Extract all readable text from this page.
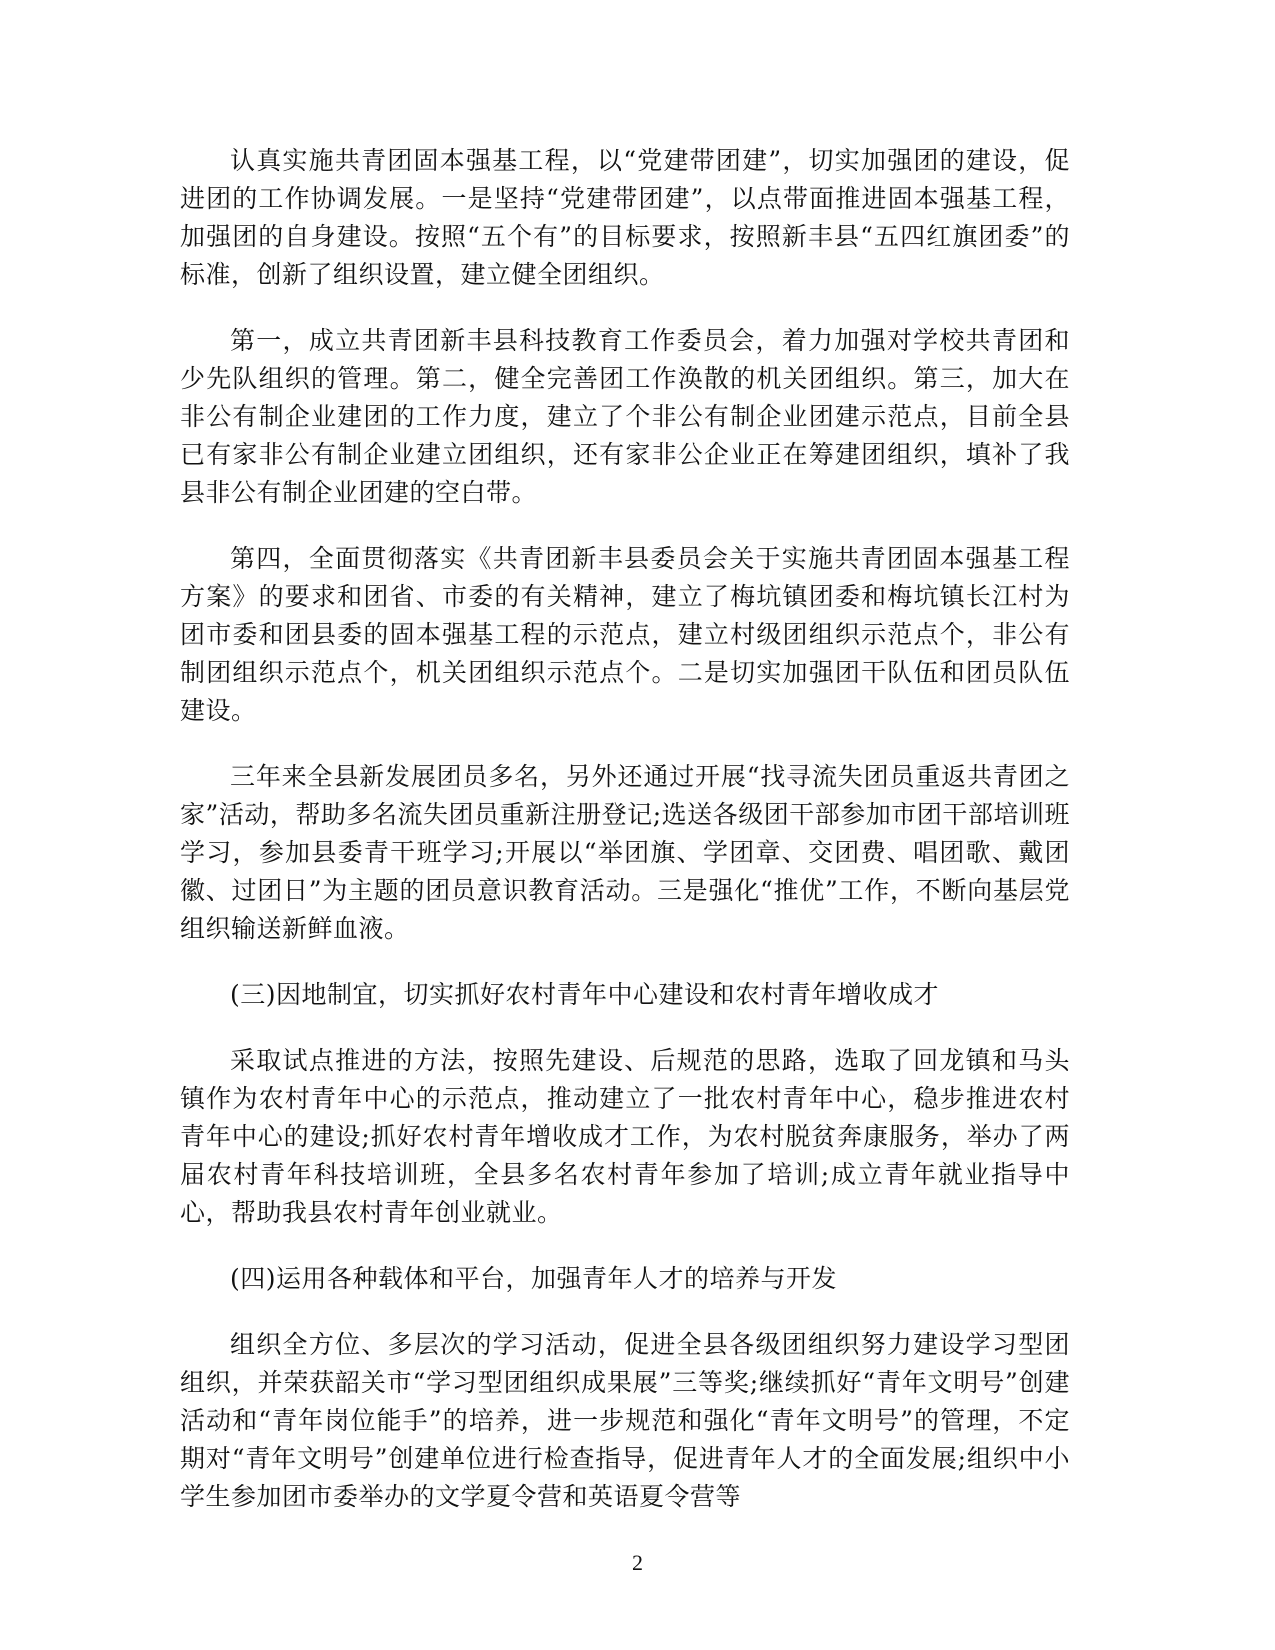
认真实施共青团固本强基工程，以“党建带团建”，切实加强团的建设，促进团的工作协调发展。一是坚持“党建带团建”，以点带面推进固本强基工程，加强团的自身建设。按照“五个有”的目标要求，按照新丰县“五四红旗团委”的标准，创新了组织设置，建立健全团组织。

第一，成立共青团新丰县科技教育工作委员会，着力加强对学校共青团和少先队组织的管理。第二，健全完善团工作涣散的机关团组织。第三，加大在非公有制企业建团的工作力度，建立了个非公有制企业团建示范点，目前全县已有家非公有制企业建立团组织，还有家非公企业正在筹建团组织，填补了我县非公有制企业团建的空白带。

第四，全面贯彻落实《共青团新丰县委员会关于实施共青团固本强基工程方案》的要求和团省、市委的有关精神，建立了梅坑镇团委和梅坑镇长江村为团市委和团县委的固本强基工程的示范点，建立村级团组织示范点个，非公有制团组织示范点个，机关团组织示范点个。二是切实加强团干队伍和团员队伍建设。

三年来全县新发展团员多名，另外还通过开展“找寻流失团员重返共青团之家”活动，帮助多名流失团员重新注册登记;选送各级团干部参加市团干部培训班学习，参加县委青干班学习;开展以“举团旗、学团章、交团费、唱团歌、戴团徽、过团日”为主题的团员意识教育活动。三是强化“推优”工作，不断向基层党组织输送新鲜血液。

(三)因地制宜，切实抓好农村青年中心建设和农村青年增收成才

采取试点推进的方法，按照先建设、后规范的思路，选取了回龙镇和马头镇作为农村青年中心的示范点，推动建立了一批农村青年中心，稳步推进农村青年中心的建设;抓好农村青年增收成才工作，为农村脱贫奔康服务，举办了两届农村青年科技培训班，全县多名农村青年参加了培训;成立青年就业指导中心，帮助我县农村青年创业就业。

(四)运用各种载体和平台，加强青年人才的培养与开发

组织全方位、多层次的学习活动，促进全县各级团组织努力建设学习型团组织，并荣获韶关市“学习型团组织成果展”三等奖;继续抓好“青年文明号”创建活动和“青年岗位能手”的培养，进一步规范和强化“青年文明号”的管理，不定期对“青年文明号”创建单位进行检查指导，促进青年人才的全面发展;组织中小学生参加团市委举办的文学夏令营和英语夏令营等

2
